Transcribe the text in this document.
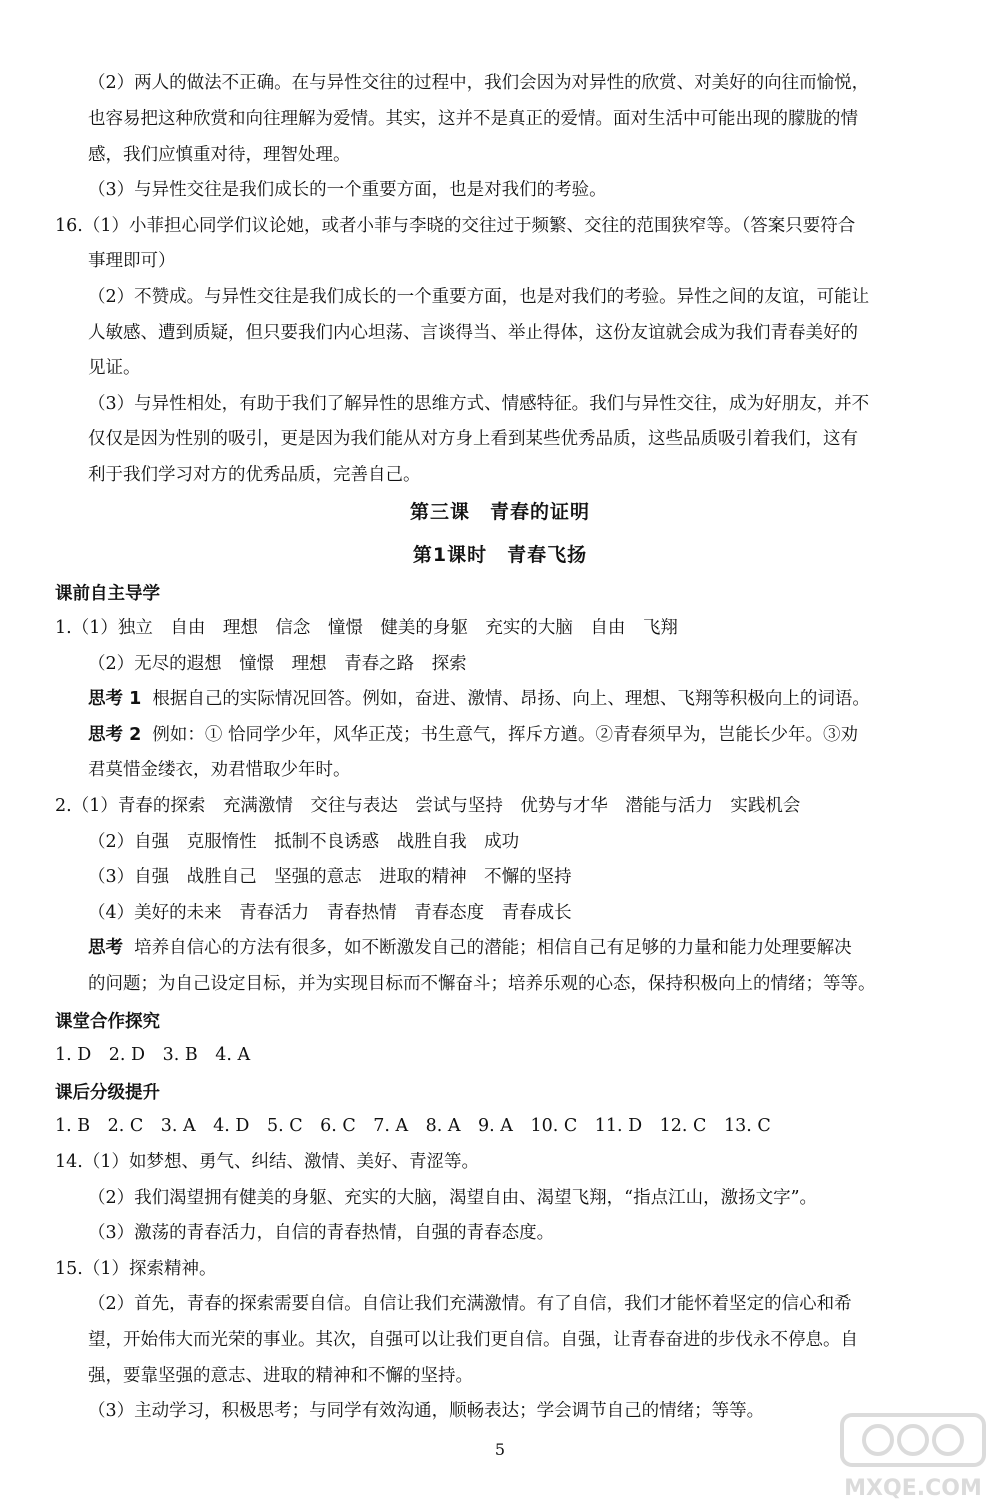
（2）两人的做法不正确。在与异性交往的过程中，我们会因为对异性的欣赏、对美好的向往而愉悦，
也容易把这种欣赏和向往理解为爱情。其实，这并不是真正的爱情。面对生活中可能出现的朦胧的情
感，我们应慎重对待，理智处理。
（3）与异性交往是我们成长的一个重要方面，也是对我们的考验。
16.（1）小菲担心同学们议论她，或者小菲与李晓的交往过于频繁、交往的范围狭窄等。（答案只要符合
事理即可）
（2）不赞成。与异性交往是我们成长的一个重要方面，也是对我们的考验。异性之间的友谊，可能让
人敏感、遭到质疑，但只要我们内心坦荡、言谈得当、举止得体，这份友谊就会成为我们青春美好的
见证。
（3）与异性相处，有助于我们了解异性的思维方式、情感特征。我们与异性交往，成为好朋友，并不
仅仅是因为性别的吸引，更是因为我们能从对方身上看到某些优秀品质，这些品质吸引着我们，这有
利于我们学习对方的优秀品质，完善自己。
第三课　青春的证明
第1课时　青春飞扬
课前自主导学
1.（1）独立　自由　理想　信念　憧憬　健美的身躯　充实的大脑　自由　飞翔
（2）无尽的遐想　憧憬　理想　青春之路　探索
思考 1 根据自己的实际情况回答。例如，奋进、激情、昂扬、向上、理想、飞翔等积极向上的词语。
思考 2 例如：① 恰同学少年，风华正茂；书生意气，挥斥方遒。②青春须早为，岂能长少年。③劝
君莫惜金缕衣，劝君惜取少年时。
2.（1）青春的探索　充满激情　交往与表达　尝试与坚持　优势与才华　潜能与活力　实践机会
（2）自强　克服惰性　抵制不良诱惑　战胜自我　成功
（3）自强　战胜自己　坚强的意志　进取的精神　不懈的坚持
（4）美好的未来　青春活力　青春热情　青春态度　青春成长
思考 培养自信心的方法有很多，如不断激发自己的潜能；相信自己有足够的力量和能力处理要解决
的问题；为自己设定目标，并为实现目标而不懈奋斗；培养乐观的心态，保持积极向上的情绪；等等。
课堂合作探究
1. D　2. D　3. B　4. A
课后分级提升
1. B　2. C　3. A　4. D　5. C　6. C　7. A　8. A　9. A　10. C　11. D　12. C　13. C
14.（1）如梦想、勇气、纠结、激情、美好、青涩等。
（2）我们渴望拥有健美的身躯、充实的大脑，渴望自由、渴望飞翔，“指点江山，激扬文字”。
（3）激荡的青春活力，自信的青春热情，自强的青春态度。
15.（1）探索精神。
（2）首先，青春的探索需要自信。自信让我们充满激情。有了自信，我们才能怀着坚定的信心和希
望，开始伟大而光荣的事业。其次，自强可以让我们更自信。自强，让青春奋进的步伐永不停息。自
强，要靠坚强的意志、进取的精神和不懈的坚持。
（3）主动学习，积极思考；与同学有效沟通，顺畅表达；学会调节自己的情绪；等等。
5
MXQE.COM
